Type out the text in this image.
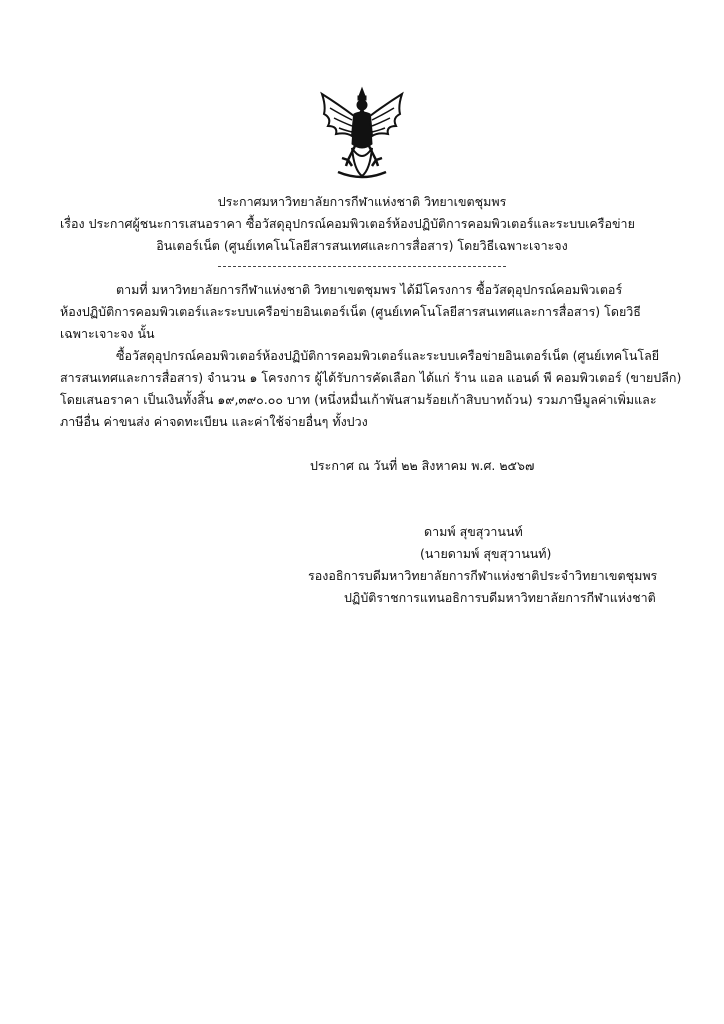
ประกาศมหาวิทยาลัยการกีฬาแห่งชาติ วิทยาเขตชุมพร
เรื่อง ประกาศผู้ชนะการเสนอราคา ซื้อวัสดุอุปกรณ์คอมพิวเตอร์ห้องปฏิบัติการคอมพิวเตอร์และระบบเครือข่าย
อินเตอร์เน็ต (ศูนย์เทคโนโลยีสารสนเทศและการสื่อสาร) โดยวิธีเฉพาะเจาะจง
ตามที่ มหาวิทยาลัยการกีฬาแห่งชาติ วิทยาเขตชุมพร ได้มีโครงการ ซื้อวัสดุอุปกรณ์คอมพิวเตอร์
ห้องปฏิบัติการคอมพิวเตอร์และระบบเครือข่ายอินเตอร์เน็ต (ศูนย์เทคโนโลยีสารสนเทศและการสื่อสาร) โดยวิธี
เฉพาะเจาะจง นั้น
ซื้อวัสดุอุปกรณ์คอมพิวเตอร์ห้องปฏิบัติการคอมพิวเตอร์และระบบเครือข่ายอินเตอร์เน็ต (ศูนย์เทคโนโลยี
สารสนเทศและการสื่อสาร) จำนวน ๑ โครงการ ผู้ได้รับการคัดเลือก ได้แก่ ร้าน แอล แอนด์ พี คอมพิวเตอร์ (ขายปลีก)
โดยเสนอราคา เป็นเงินทั้งสิ้น ๑๙,๓๙๐.๐๐ บาท (หนึ่งหมื่นเก้าพันสามร้อยเก้าสิบบาทถ้วน) รวมภาษีมูลค่าเพิ่มและ
ภาษีอื่น ค่าขนส่ง ค่าจดทะเบียน และค่าใช้จ่ายอื่นๆ ทั้งปวง
ประกาศ ณ วันที่ ๒๒ สิงหาคม พ.ศ. ๒๕๖๗
ดามพ์ สุขสุวานนท์
(นายดามพ์ สุขสุวานนท์)
รองอธิการบดีมหาวิทยาลัยการกีฬาแห่งชาติประจำวิทยาเขตชุมพร
ปฏิบัติราชการแทนอธิการบดีมหาวิทยาลัยการกีฬาแห่งชาติ
